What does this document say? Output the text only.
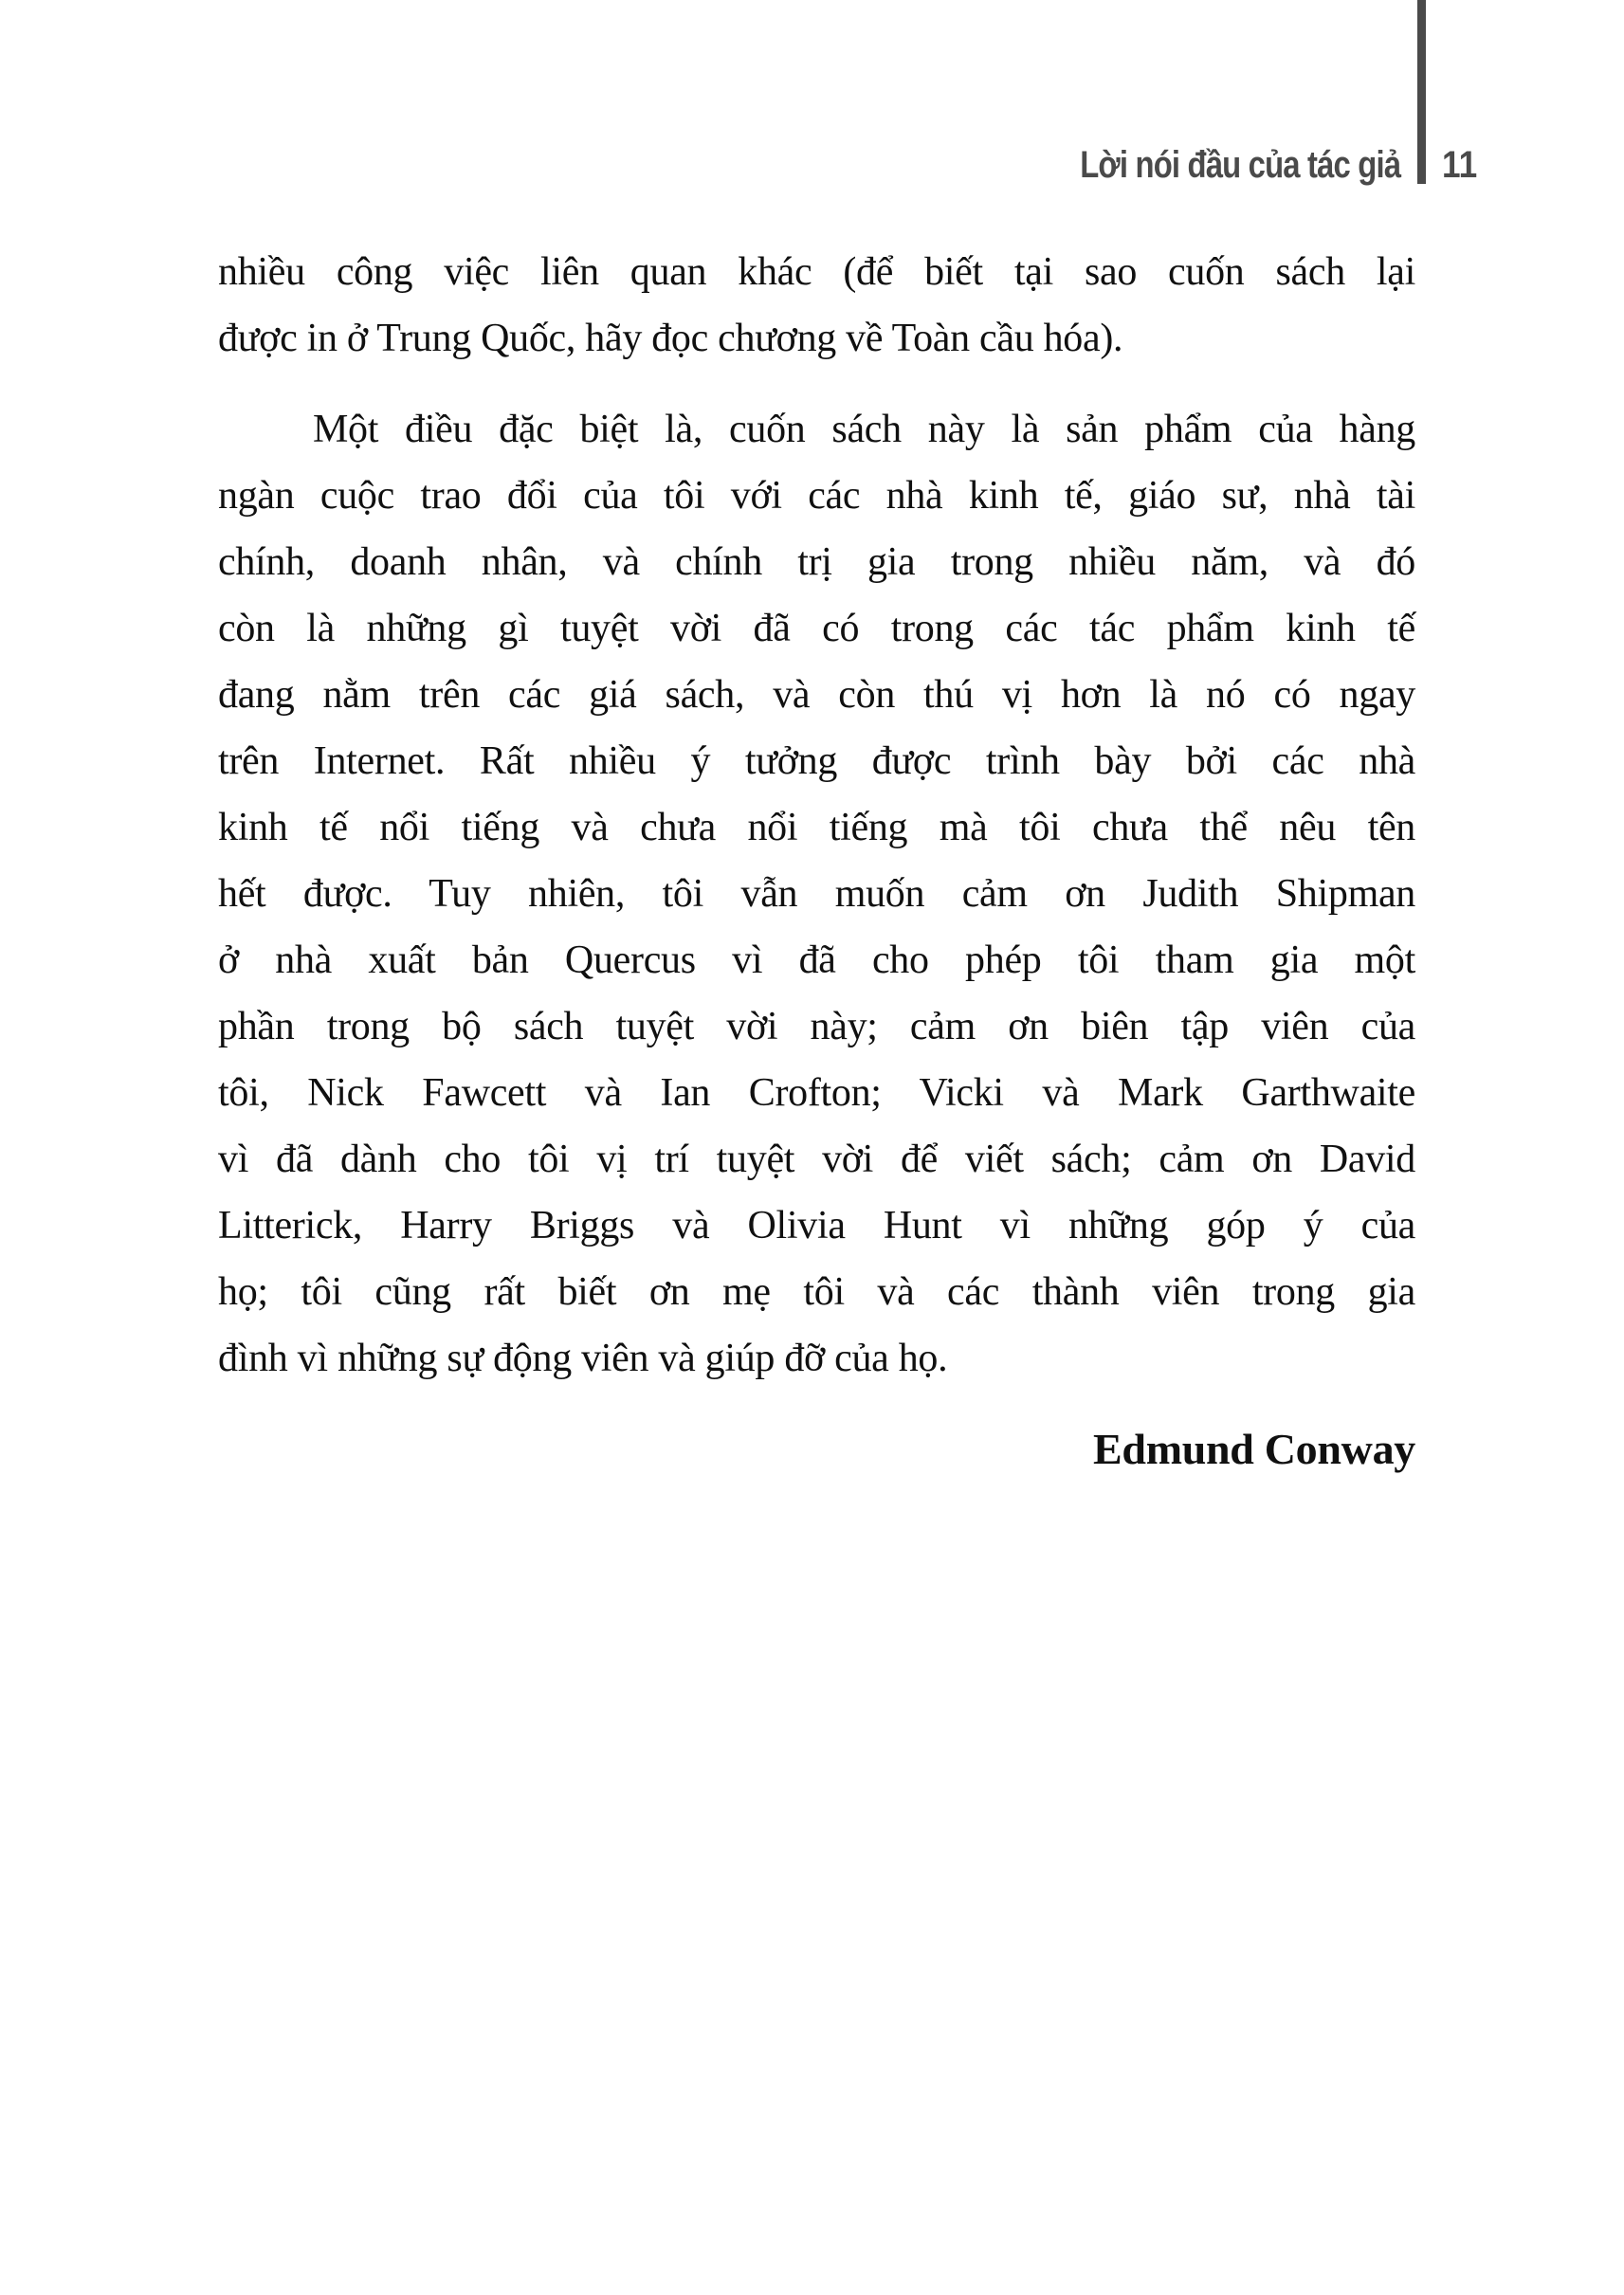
Lời nói đầu của tác giả 11
nhiều công việc liên quan khác (để biết tại sao cuốn sách lại
được in ở Trung Quốc, hãy đọc chương về Toàn cầu hóa).
Một điều đặc biệt là, cuốn sách này là sản phẩm của hàng
ngàn cuộc trao đổi của tôi với các nhà kinh tế, giáo sư, nhà tài
chính, doanh nhân, và chính trị gia trong nhiều năm, và đó
còn là những gì tuyệt vời đã có trong các tác phẩm kinh tế
đang nằm trên các giá sách, và còn thú vị hơn là nó có ngay
trên Internet. Rất nhiều ý tưởng được trình bày bởi các nhà
kinh tế nổi tiếng và chưa nổi tiếng mà tôi chưa thể nêu tên
hết được. Tuy nhiên, tôi vẫn muốn cảm ơn Judith Shipman
ở nhà xuất bản Quercus vì đã cho phép tôi tham gia một
phần trong bộ sách tuyệt vời này; cảm ơn biên tập viên của
tôi, Nick Fawcett và Ian Crofton; Vicki và Mark Garthwaite
vì đã dành cho tôi vị trí tuyệt vời để viết sách; cảm ơn David
Litterick, Harry Briggs và Olivia Hunt vì những góp ý của
họ; tôi cũng rất biết ơn mẹ tôi và các thành viên trong gia
đình vì những sự động viên và giúp đỡ của họ.
Edmund Conway
